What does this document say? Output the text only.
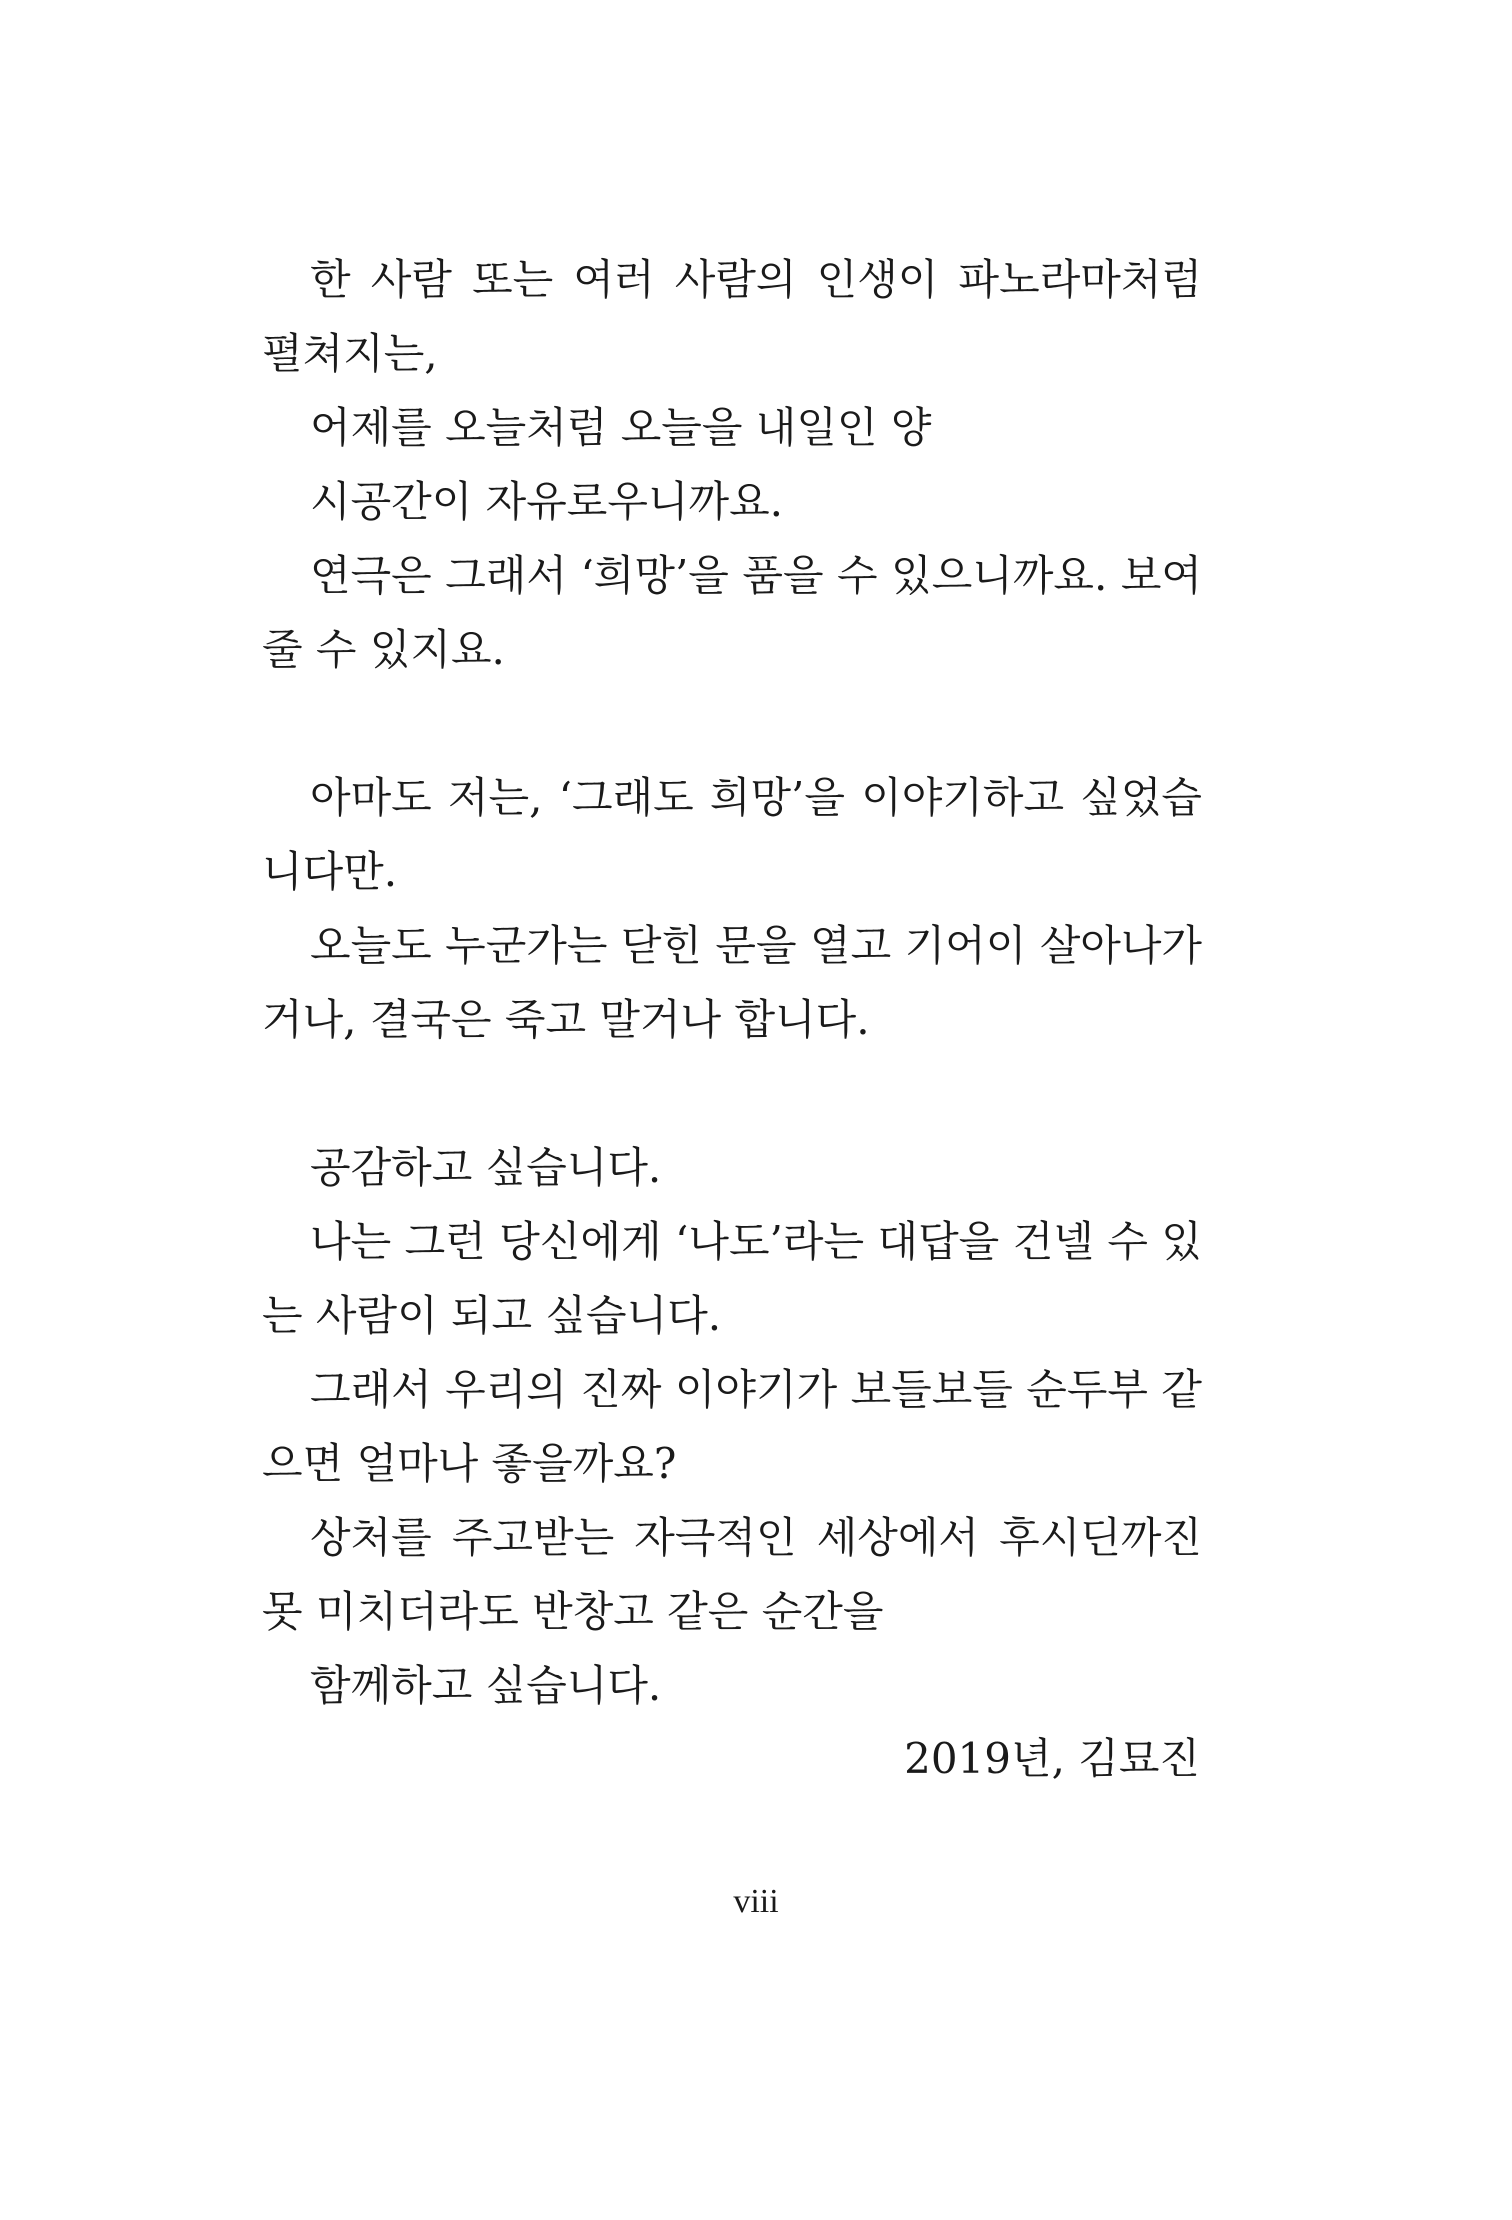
한 사람 또는 여러 사람의 인생이 파노라마처럼 펼쳐지는,

어제를 오늘처럼 오늘을 내일인 양

시공간이 자유로우니까요.

연극은 그래서 ‘희망’을 품을 수 있으니까요. 보여 줄 수 있지요.

아마도 저는, ‘그래도 희망’을 이야기하고 싶었습니다만.

오늘도 누군가는 닫힌 문을 열고 기어이 살아나가거나, 결국은 죽고 말거나 합니다.

공감하고 싶습니다.

나는 그런 당신에게 ‘나도’라는 대답을 건넬 수 있는 사람이 되고 싶습니다.

그래서 우리의 진짜 이야기가 보들보들 순두부 같으면 얼마나 좋을까요?

상처를 주고받는 자극적인 세상에서 후시딘까진 못 미치더라도 반창고 같은 순간을

함께하고 싶습니다.

2019년, 김묘진
viii
